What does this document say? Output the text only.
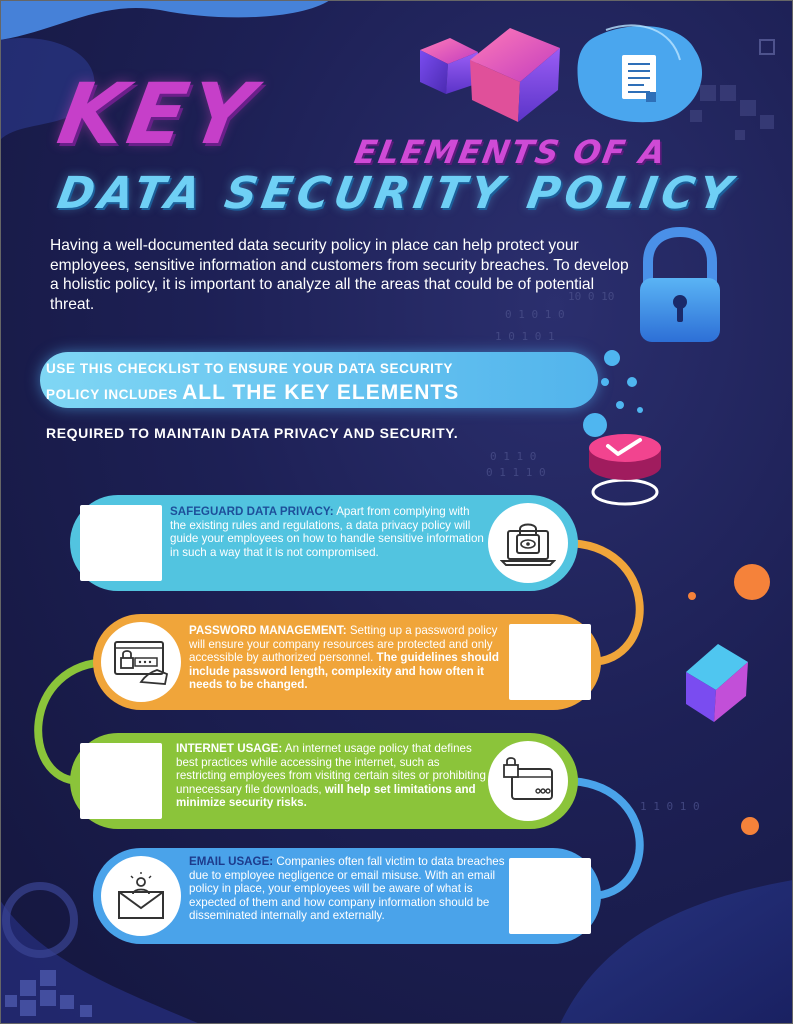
10 0 10
0 1 0 1 0
1 0 1 0 1
0 1 1 0
0 1 1 1 0
1 1 0 1 0
KEY	ELEMENTS OF A
DATA SECURITY POLICY
Having a well-documented data security policy in place can help protect your employees, sensitive information and customers from security breaches. To develop a holistic policy, it is important to analyze all the areas that could be of potential threat.
USE THIS CHECKLIST TO ENSURE YOUR DATA SECURITY
POLICY INCLUDES ALL THE KEY ELEMENTS
REQUIRED TO MAINTAIN DATA PRIVACY AND SECURITY.
SAFEGUARD DATA PRIVACY: Apart from complying with the existing rules and regulations, a data privacy policy will guide your employees on how to handle sensitive information in such a way that it is not compromised.
PASSWORD MANAGEMENT: Setting up a password policy will ensure your company resources are protected and only accessible by authorized personnel. The guidelines should include password length, complexity and how often it needs to be changed.
INTERNET USAGE: An internet usage policy that defines best practices while accessing the internet, such as restricting employees from visiting certain sites or prohibiting unnecessary file downloads, will help set limitations and minimize security risks.
EMAIL USAGE: Companies often fall victim to data breaches due to employee negligence or email misuse. With an email policy in place, your employees will be aware of what is expected of them and how company information should be disseminated internally and externally.
